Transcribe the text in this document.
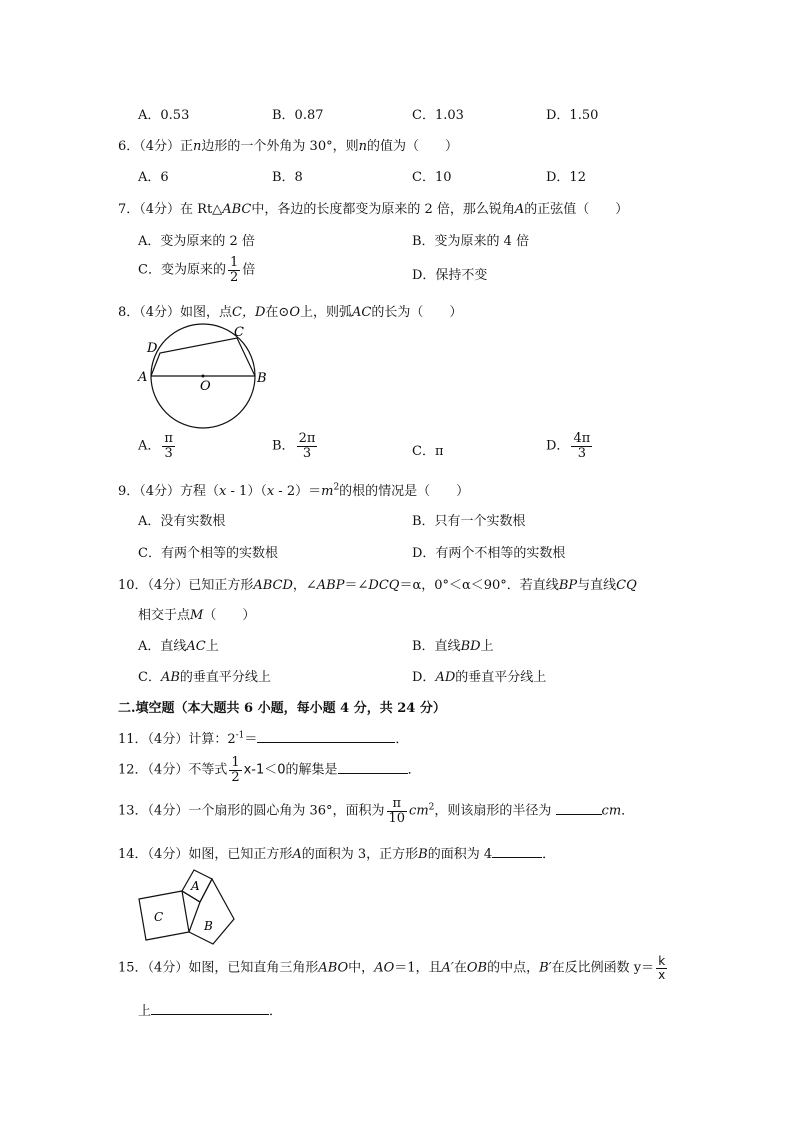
A．0.53	B．0.87	C．1.03	D．1.50
6．（4分）正n边形的一个外角为 30°，则n的值为（　　）
A．6	B．8	C．10	D．12
7．（4分）在 Rt△ABC中，各边的长度都变为原来的 2 倍，那么锐角A的正弦值（　　）
A．变为原来的 2 倍	B．变为原来的 4 倍
C．变为原来的 $\frac{1}{2}$ 倍	D．保持不变
8．（4分）如图，点C，D在⊙O上，则弧AC的长为（　　）
A	B
C
D
O
A． $\frac{\pi}{3}$	B． $\frac{2\pi}{3}$	C．π	D． $\frac{4\pi}{3}$
9．（4分）方程$(x - 1)(x - 2)=m^2$的根的情况是（　　）
A．没有实数根	B．只有一个实数根
C．有两个相等的实数根	D．有两个不相等的实数根
10．（4分）已知正方形ABCD，∠ABP＝∠DCQ＝α，0°＜α＜90°．若直线BP与直线CQ
相交于点M（　　）
A．直线AC上	B．直线BD上
C．AB的垂直平分线上	D．AD的垂直平分线上
二.填空题（本大题共 6 小题，每小题 4 分，共 24 分）
11．（4分）计算：$2^{-1}=$	．
12．（4分）不等式 $\frac{1}{2} x-1<0$的解集是	．
13．（4分）一个扇形的圆心角为 36°，面积为 $\frac{\pi}{10} cm^2$，则该扇形的半径为	cm．
14．（4分）如图，已知正方形A的面积为 3，正方形B的面积为 4	．
A
B
C
15．（4分）如图，已知直角三角形ABO中，AO＝1，且A′在OB的中点，B′在反比例函数 $y= \frac{k}{x}$
上	．
